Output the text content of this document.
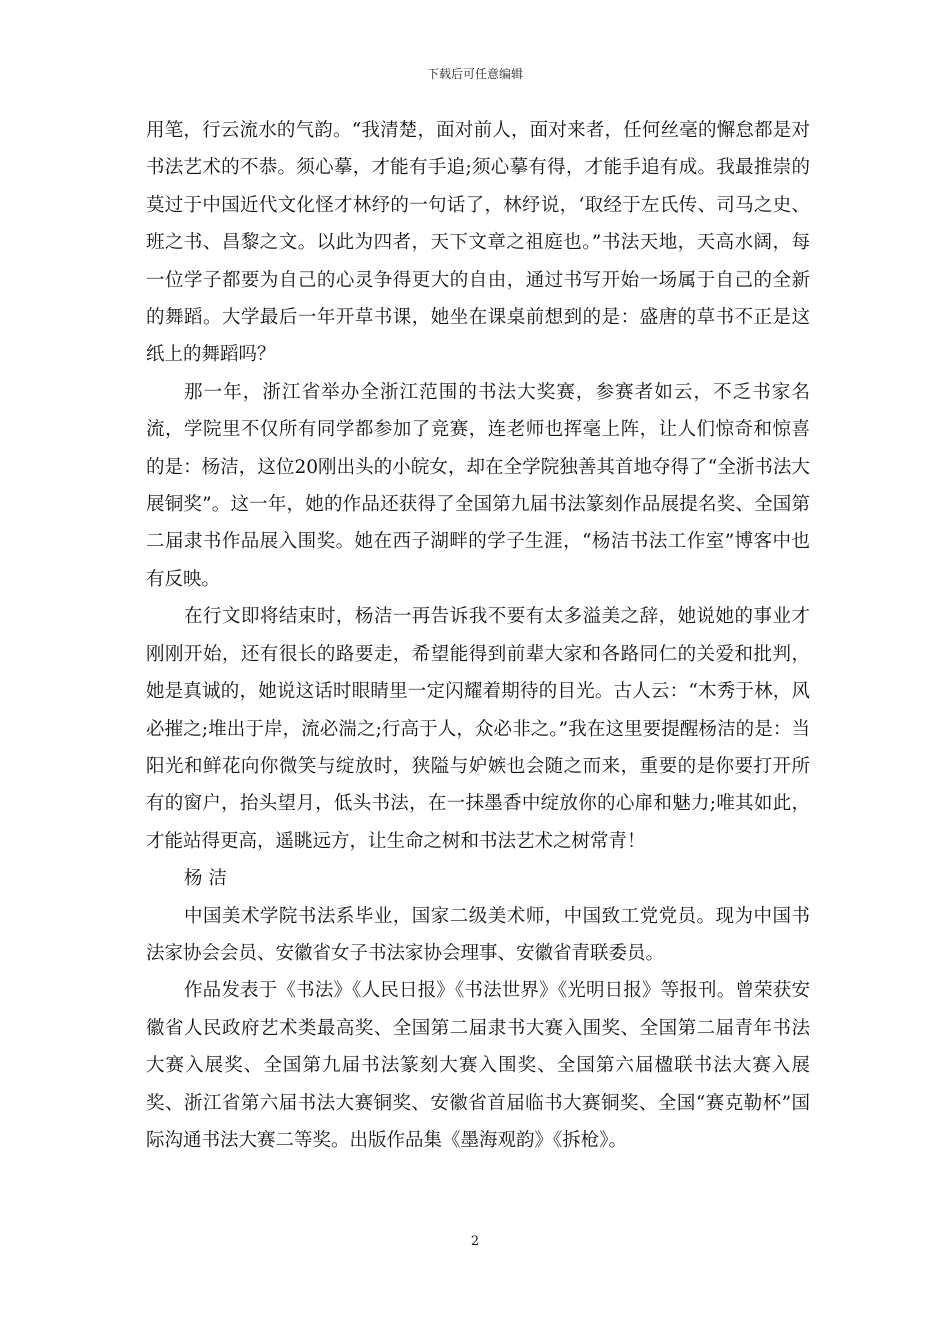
下载后可任意编辑

用笔，行云流水的气韵。“我清楚，面对前人，面对来者，任何丝毫的懈怠都是对书法艺术的不恭。须心摹，才能有手追;须心摹有得，才能手追有成。我最推崇的莫过于中国近代文化怪才林纾的一句话了，林纾说，‘取经于左氏传、司马之史、班之书、昌黎之文。以此为四者，天下文章之祖庭也。”书法天地，天高水阔，每一位学子都要为自己的心灵争得更大的自由，通过书写开始一场属于自己的全新的舞蹈。大学最后一年开草书课，她坐在课桌前想到的是：盛唐的草书不正是这纸上的舞蹈吗？

那一年，浙江省举办全浙江范围的书法大奖赛，参赛者如云，不乏书家名流，学院里不仅所有同学都参加了竞赛，连老师也挥毫上阵，让人们惊奇和惊喜的是：杨洁，这位20刚出头的小皖女，却在全学院独善其首地夺得了“全浙书法大展铜奖”。这一年，她的作品还获得了全国第九届书法篆刻作品展提名奖、全国第二届隶书作品展入围奖。她在西子湖畔的学子生涯，“杨洁书法工作室”博客中也有反映。

在行文即将结束时，杨洁一再告诉我不要有太多溢美之辞，她说她的事业才刚刚开始，还有很长的路要走，希望能得到前辈大家和各路同仁的关爱和批判，她是真诚的，她说这话时眼睛里一定闪耀着期待的目光。古人云：“木秀于林，风必摧之;堆出于岸，流必湍之;行高于人，众必非之。”我在这里要提醒杨洁的是：当阳光和鲜花向你微笑与绽放时，狭隘与妒嫉也会随之而来，重要的是你要打开所有的窗户，抬头望月，低头书法，在一抹墨香中绽放你的心扉和魅力;唯其如此，才能站得更高，遥眺远方，让生命之树和书法艺术之树常青！

杨 洁

中国美术学院书法系毕业，国家二级美术师，中国致工党党员。现为中国书法家协会会员、安徽省女子书法家协会理事、安徽省青联委员。

作品发表于《书法》《人民日报》《书法世界》《光明日报》等报刊。曾荣获安徽省人民政府艺术类最高奖、全国第二届隶书大赛入围奖、全国第二届青年书法大赛入展奖、全国第九届书法篆刻大赛入围奖、全国第六届楹联书法大赛入展奖、浙江省第六届书法大赛铜奖、安徽省首届临书大赛铜奖、全国“赛克勒杯”国际沟通书法大赛二等奖。出版作品集《墨海观韵》《拆枪》。

2
